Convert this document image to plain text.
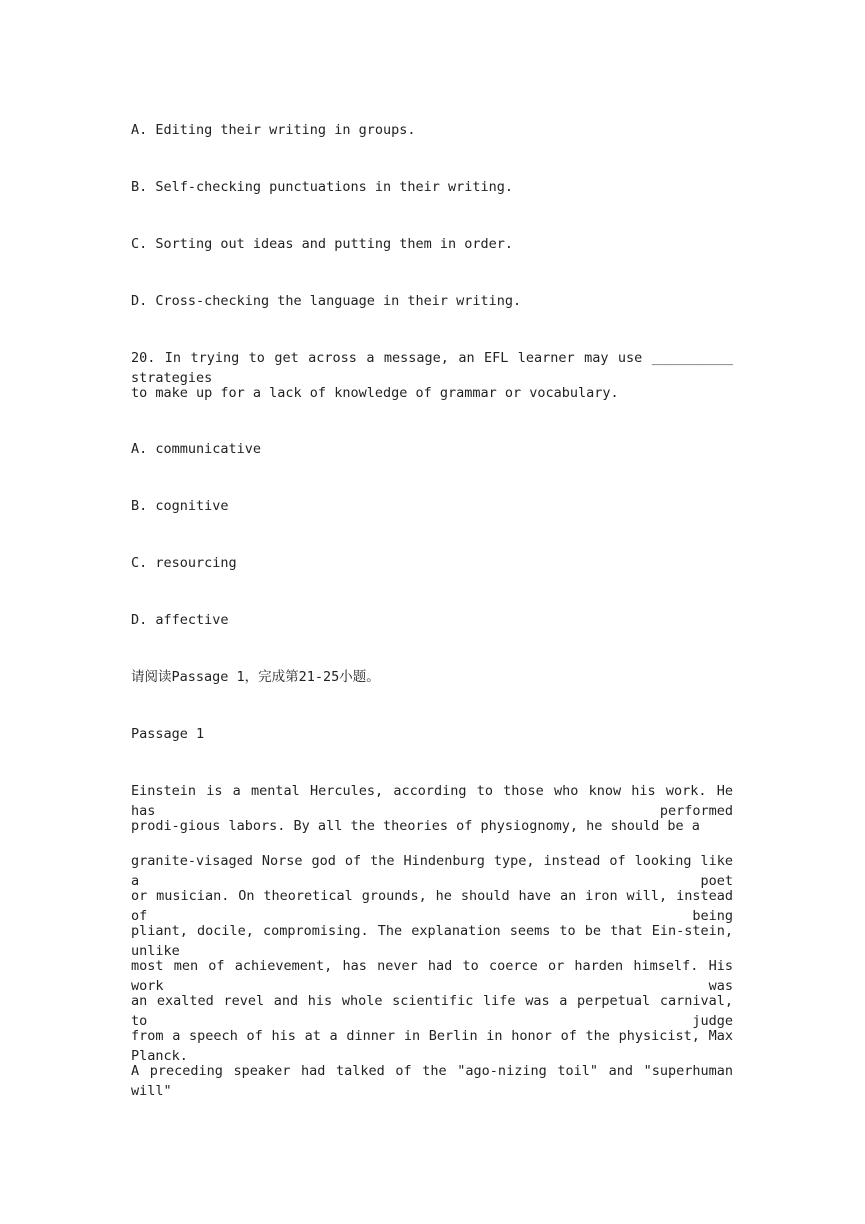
A. Editing their writing in groups.
B. Self-checking punctuations in their writing.
C. Sorting out ideas and putting them in order.
D. Cross-checking the language in their writing.
20. In trying to get across a message, an EFL learner may use __________ strategies
to make up for a lack of knowledge of grammar or vocabulary.
A. communicative
B. cognitive
C. resourcing
D. affective
请阅读Passage 1，完成第21-25小题。
Passage 1
Einstein is a mental Hercules, according to those who know his work. He has performed
prodi-gious labors. By all the theories of physiognomy, he should be a
granite-visaged Norse god of the Hindenburg type, instead of looking like a poet
or musician. On theoretical grounds, he should have an iron will, instead of being
pliant, docile, compromising. The explanation seems to be that Ein-stein, unlike
most men of achievement, has never had to coerce or harden himself. His work was
an exalted revel and his whole scientific life was a perpetual carnival, to judge
from a speech of his at a dinner in Berlin in honor of the physicist, Max Planck.
A preceding speaker had talked of the "ago-nizing toil" and "superhuman will"
